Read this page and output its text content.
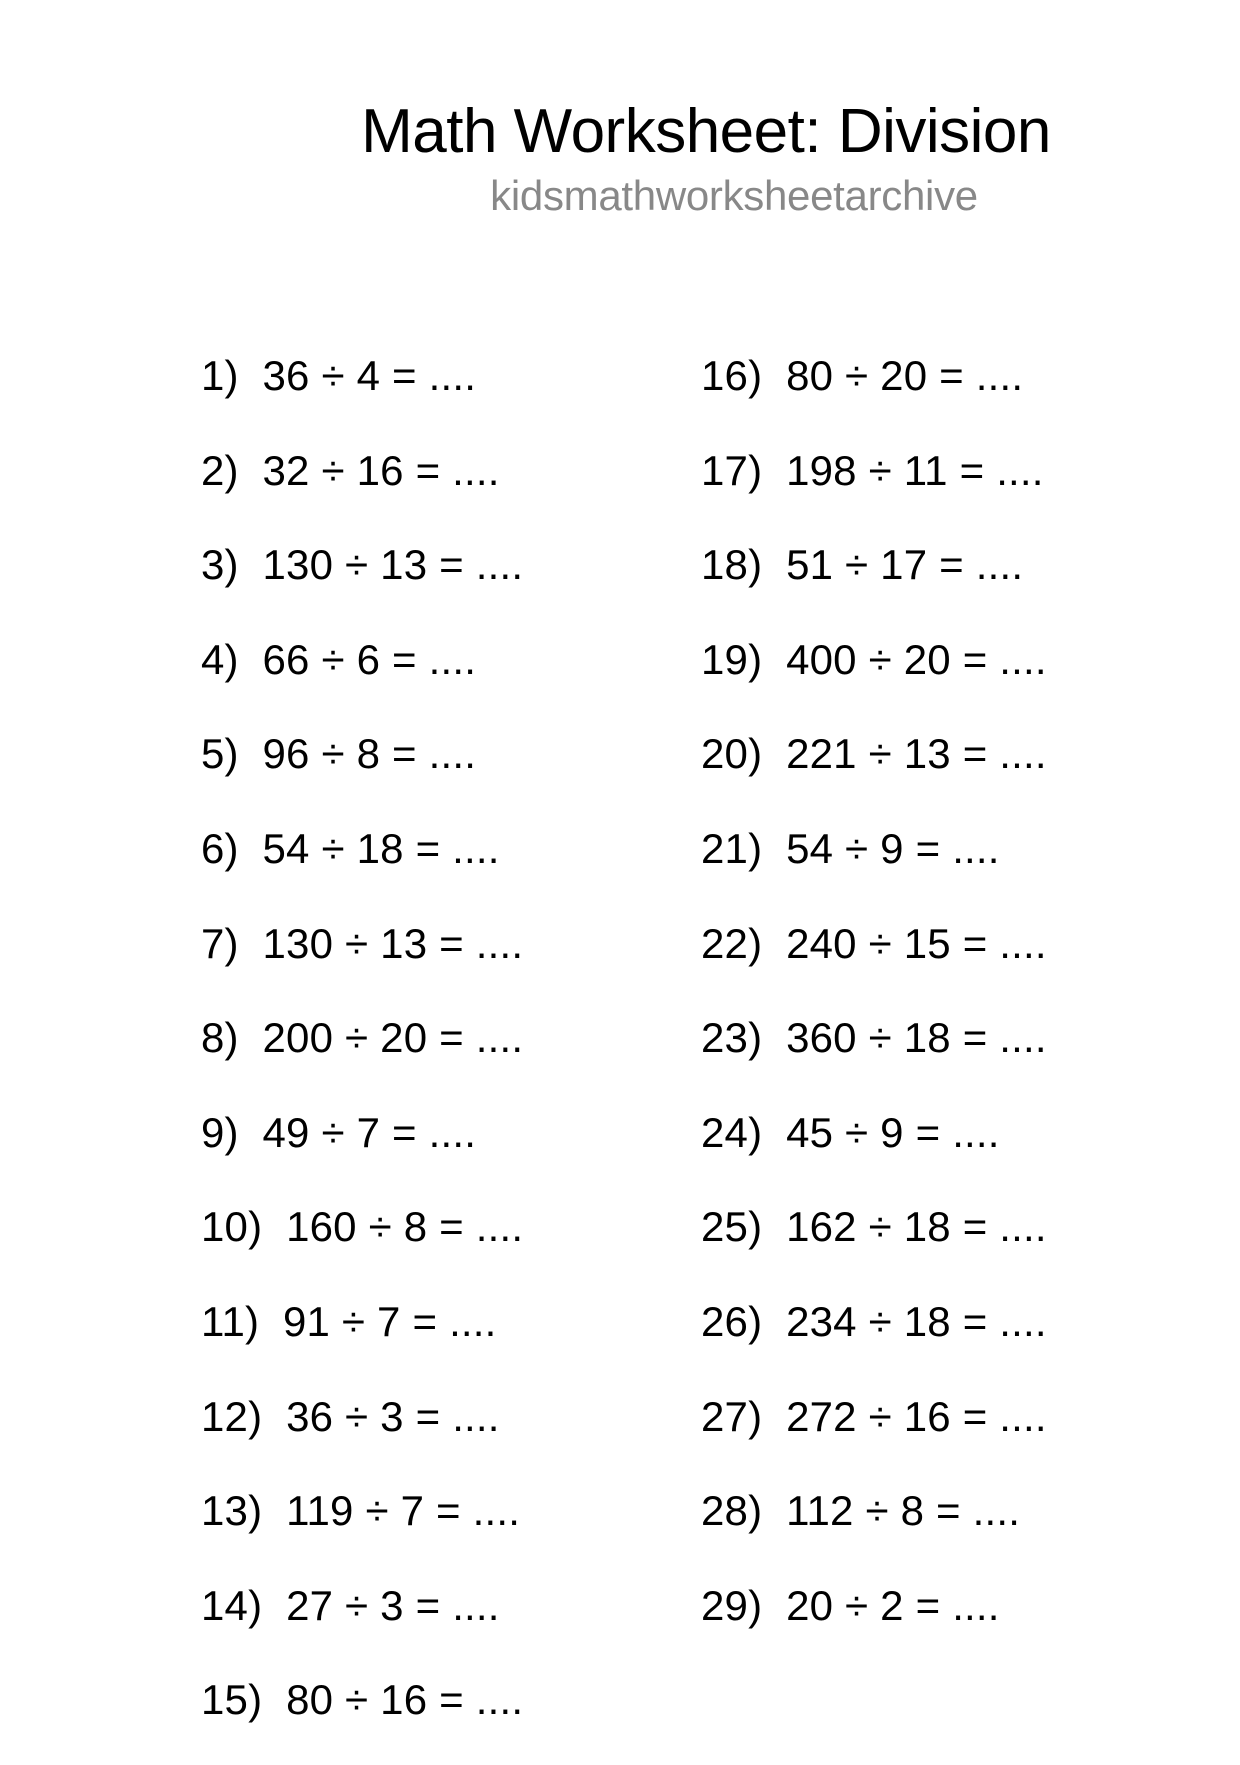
Math Worksheet: Division
kidsmathworksheetarchive
1) 36 ÷ 4 = ....
2) 32 ÷ 16 = ....
3) 130 ÷ 13 = ....
4) 66 ÷ 6 = ....
5) 96 ÷ 8 = ....
6) 54 ÷ 18 = ....
7) 130 ÷ 13 = ....
8) 200 ÷ 20 = ....
9) 49 ÷ 7 = ....
10) 160 ÷ 8 = ....
11) 91 ÷ 7 = ....
12) 36 ÷ 3 = ....
13) 119 ÷ 7 = ....
14) 27 ÷ 3 = ....
15) 80 ÷ 16 = ....
16) 80 ÷ 20 = ....
17) 198 ÷ 11 = ....
18) 51 ÷ 17 = ....
19) 400 ÷ 20 = ....
20) 221 ÷ 13 = ....
21) 54 ÷ 9 = ....
22) 240 ÷ 15 = ....
23) 360 ÷ 18 = ....
24) 45 ÷ 9 = ....
25) 162 ÷ 18 = ....
26) 234 ÷ 18 = ....
27) 272 ÷ 16 = ....
28) 112 ÷ 8 = ....
29) 20 ÷ 2 = ....
